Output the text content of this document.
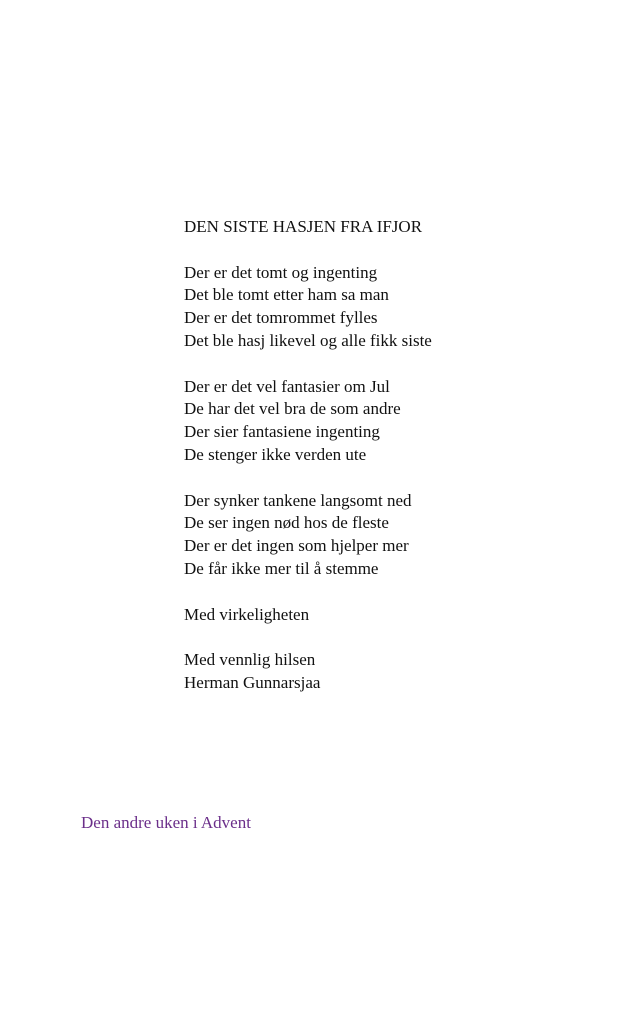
DEN SISTE HASJEN FRA IFJOR
Der er det tomt og ingenting
Det ble tomt etter ham sa man
Der er det tomrommet fylles
Det ble hasj likevel og alle fikk siste
Der er det vel fantasier om Jul
De har det vel bra de som andre
Der sier fantasiene ingenting
De stenger ikke verden ute
Der synker tankene langsomt ned
De ser ingen nød hos de fleste
Der er det ingen som hjelper mer
De får ikke mer til å stemme
Med virkeligheten
Med vennlig hilsen
Herman Gunnarsjaa
Den andre uken i Advent
